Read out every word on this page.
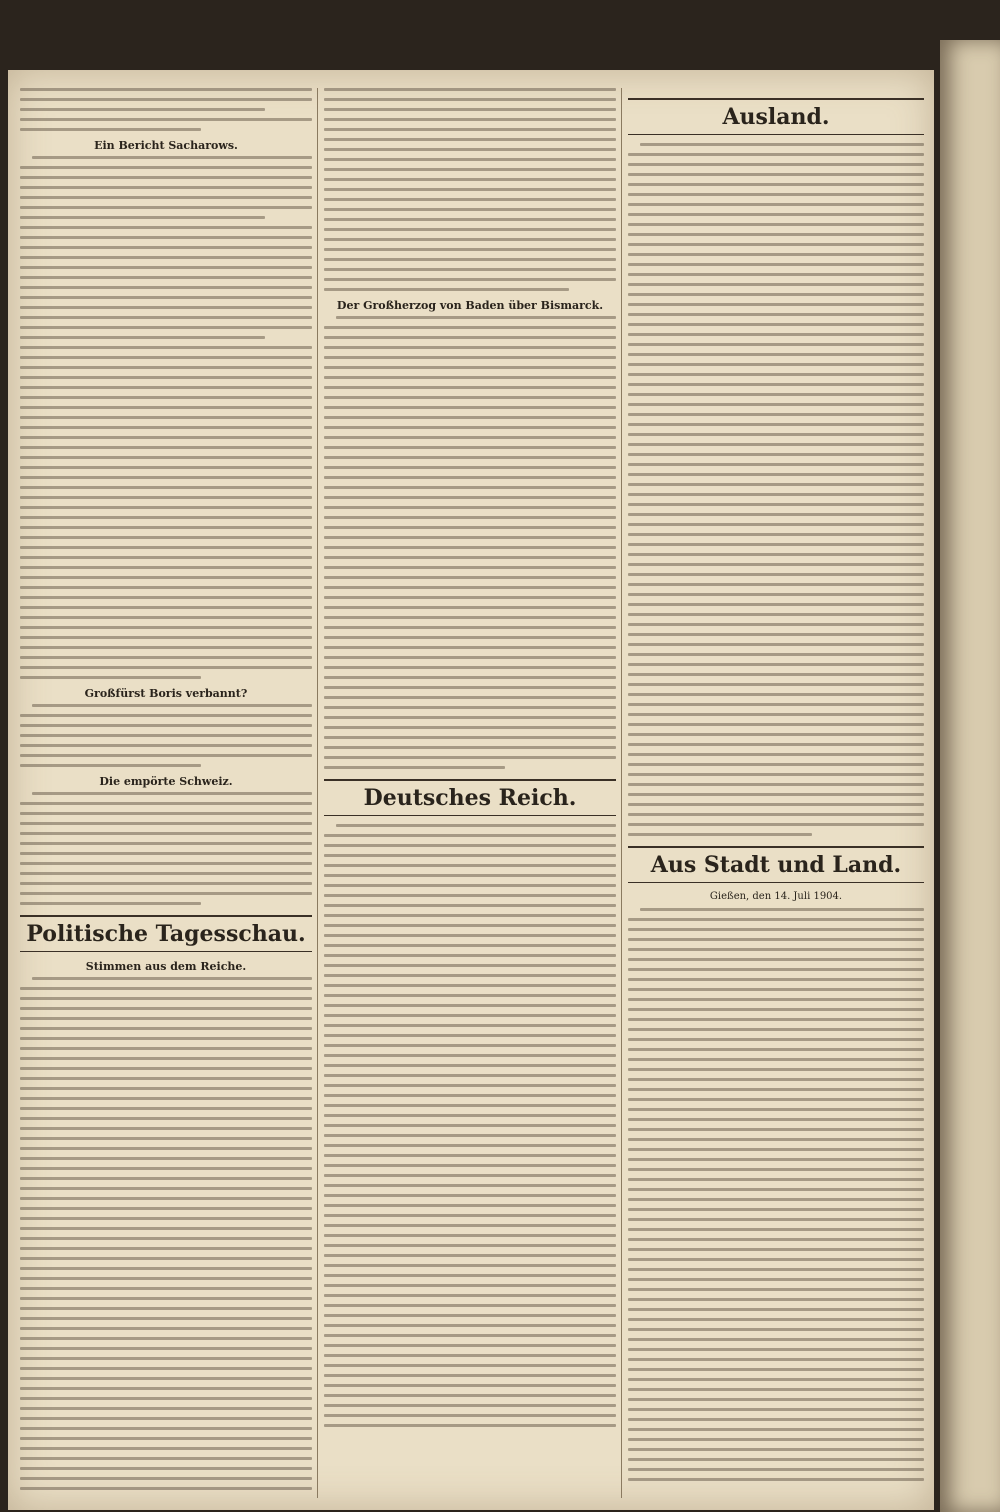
Ein Bericht Sacharows.
Großfürst Boris verbannt?
Die empörte Schweiz.
Politische Tagesschau.
Stimmen aus dem Reiche.
Der Großherzog von Baden über Bismarck.
Deutsches Reich.
Ausland.
Aus Stadt und Land.
Gießen, den 14. Juli 1904.
